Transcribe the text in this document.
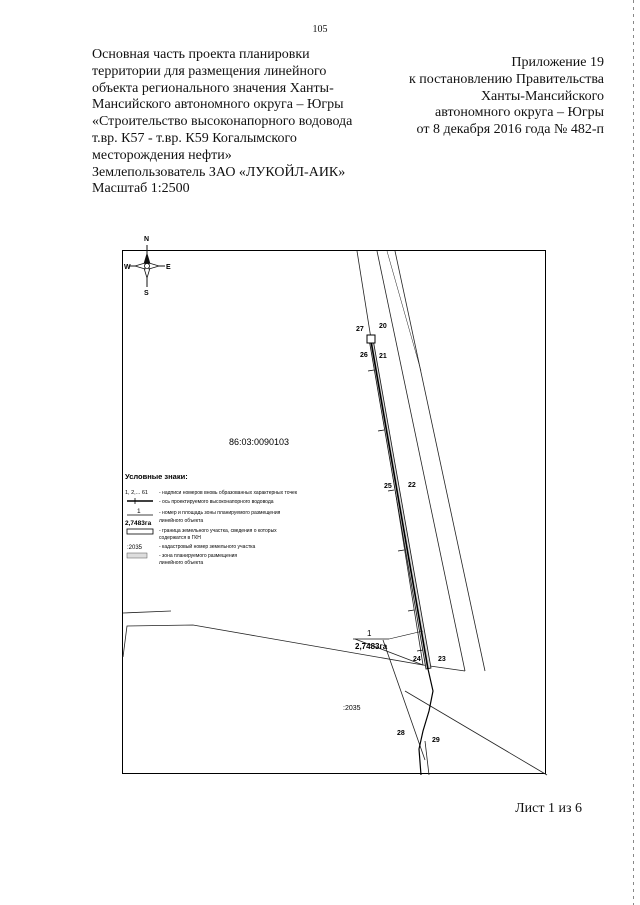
105
Основная часть проекта планировки
территории для размещения линейного
объекта регионального значения Ханты-
Мансийского автономного округа – Югры
«Строительство высоконапорного водовода
т.вр. К57 - т.вр. К59 Когалымского
месторождения нефти»
Землепользователь ЗАО «ЛУКОЙЛ-АИК»
Масштаб 1:2500
Приложение 19
к постановлению Правительства
Ханты-Мансийского
автономного округа – Югры
от 8 декабря 2016 года № 482-п
N
S
W	E
20
27
26 21
25 22
24 23
28
29
86:03:0090103
:2035
1
2,7483га
Условные знаки:
1, 2,... 61 - надписи номеров вновь образованных характерных точек
- ось проектируемого высоконапорного водовода
1
2,7483га
- номер и площадь зоны планируемого размещения
линейного объекта
- граница земельного участка, сведения о которых
содержатся в ГКН
:2035	- кадастровый номер земельного участка
- зона планируемого размещения
линейного объекта
Лист 1 из 6
